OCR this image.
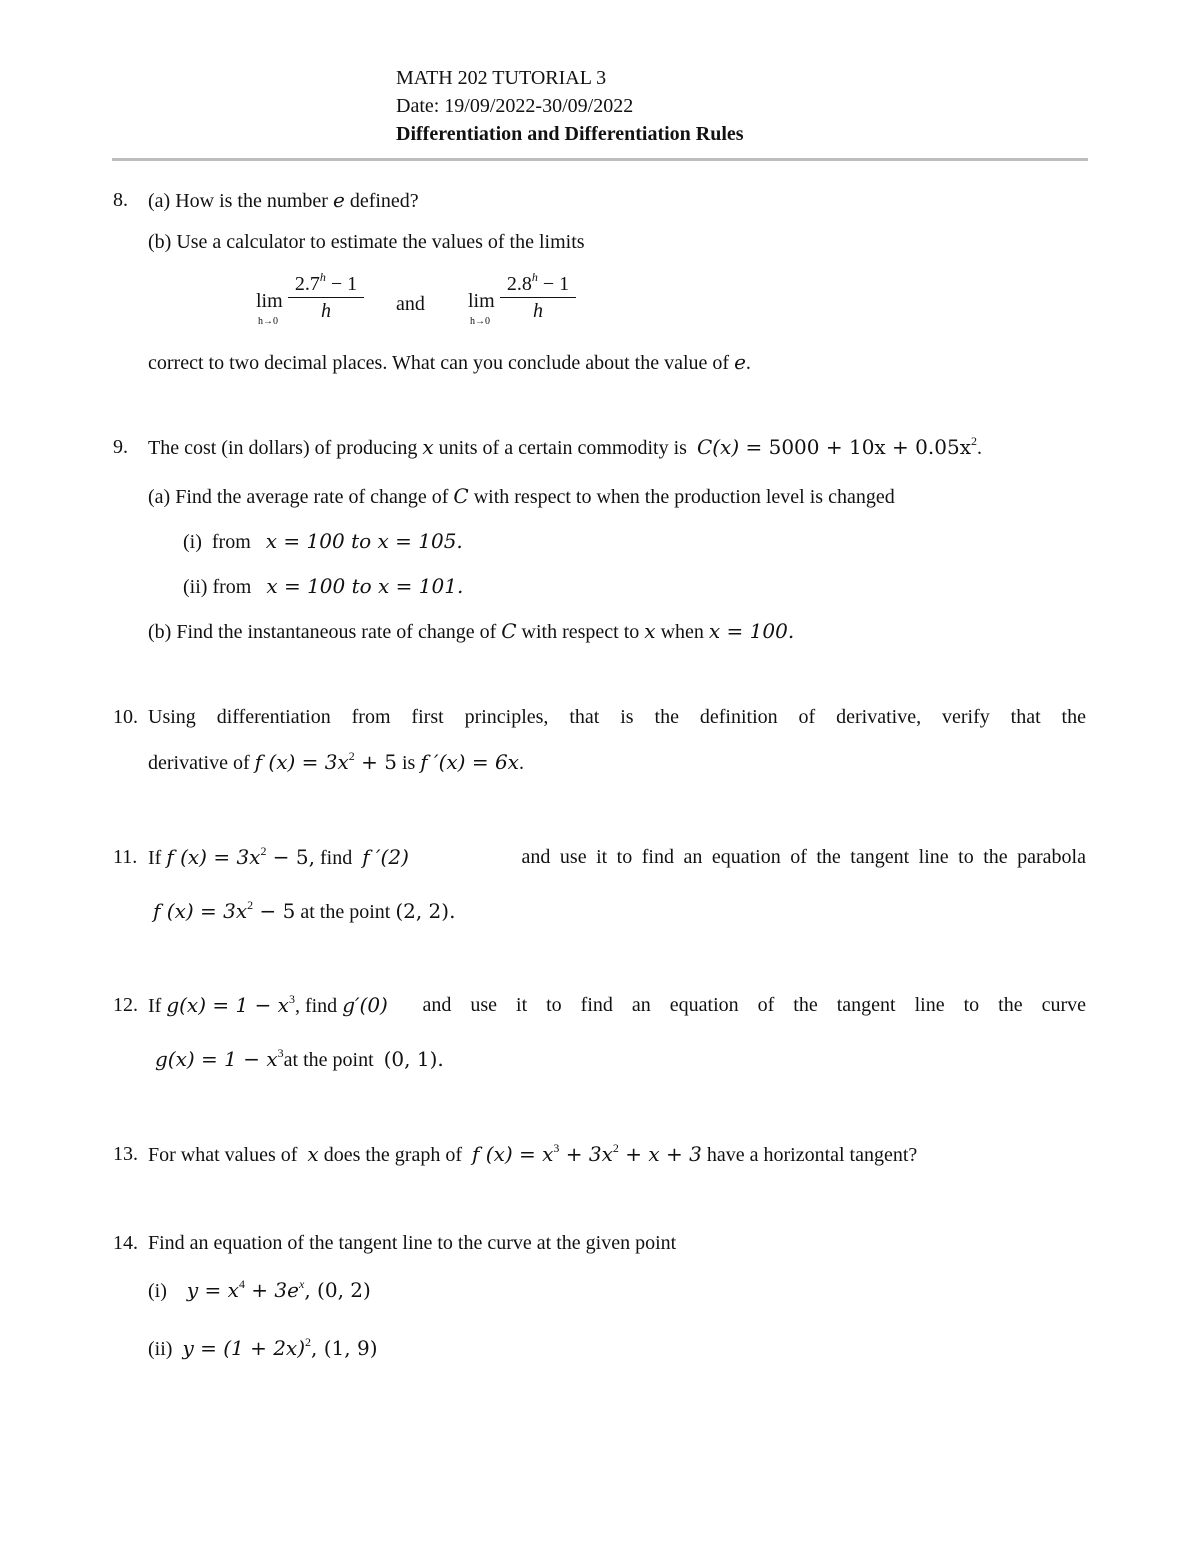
MATH 202 TUTORIAL 3
Date: 19/09/2022-30/09/2022
Differentiation and Differentiation Rules
8. (a) How is the number e defined?
(b) Use a calculator to estimate the values of the limits
lim
h→0
2.7$^h$ − 1
h	and lim
h→0
2.8$^h$ − 1
h
correct to two decimal places. What can you conclude about the value of e.
9. The cost (in dollars) of producing x units of a certain commodity is $C(x) = 5000 + 10x + 0.05x^2$.
(a) Find the average rate of change of C with respect to when the production level is changed
(i) from x = 100 to x = 105.
(ii) from x = 100 to x = 101.
(b) Find the instantaneous rate of change of C with respect to x when x = 100.
10. Using differentiation from first principles, that is the definition of derivative, verify that the
derivative of f $(x) = 3x^2 + 5$ is f ′(x) = 6x.
11. If f $(x) = 3x^2 - 5$, find f ′(2)	and use it to find an equation of the tangent line to the parabola
f $(x) = 3x^2 - 5$ at the point (2, 2).
12. If $g(x) = 1 - x^3$, find g′(0) and use it to find an equation of the tangent line to the curve
$g(x) = 1 - x^3at$ the point (0, 1).
13. For what values of x does the graph of f $(x) = x^3 + 3x^2 + x + 3$ have a horizontal tangent?
14. Find an equation of the tangent line to the curve at the given point
(i) $y = x^4 + 3e^x$, (0, 2)
(ii) $y = (1 + 2x)^2$, (1, 9)
